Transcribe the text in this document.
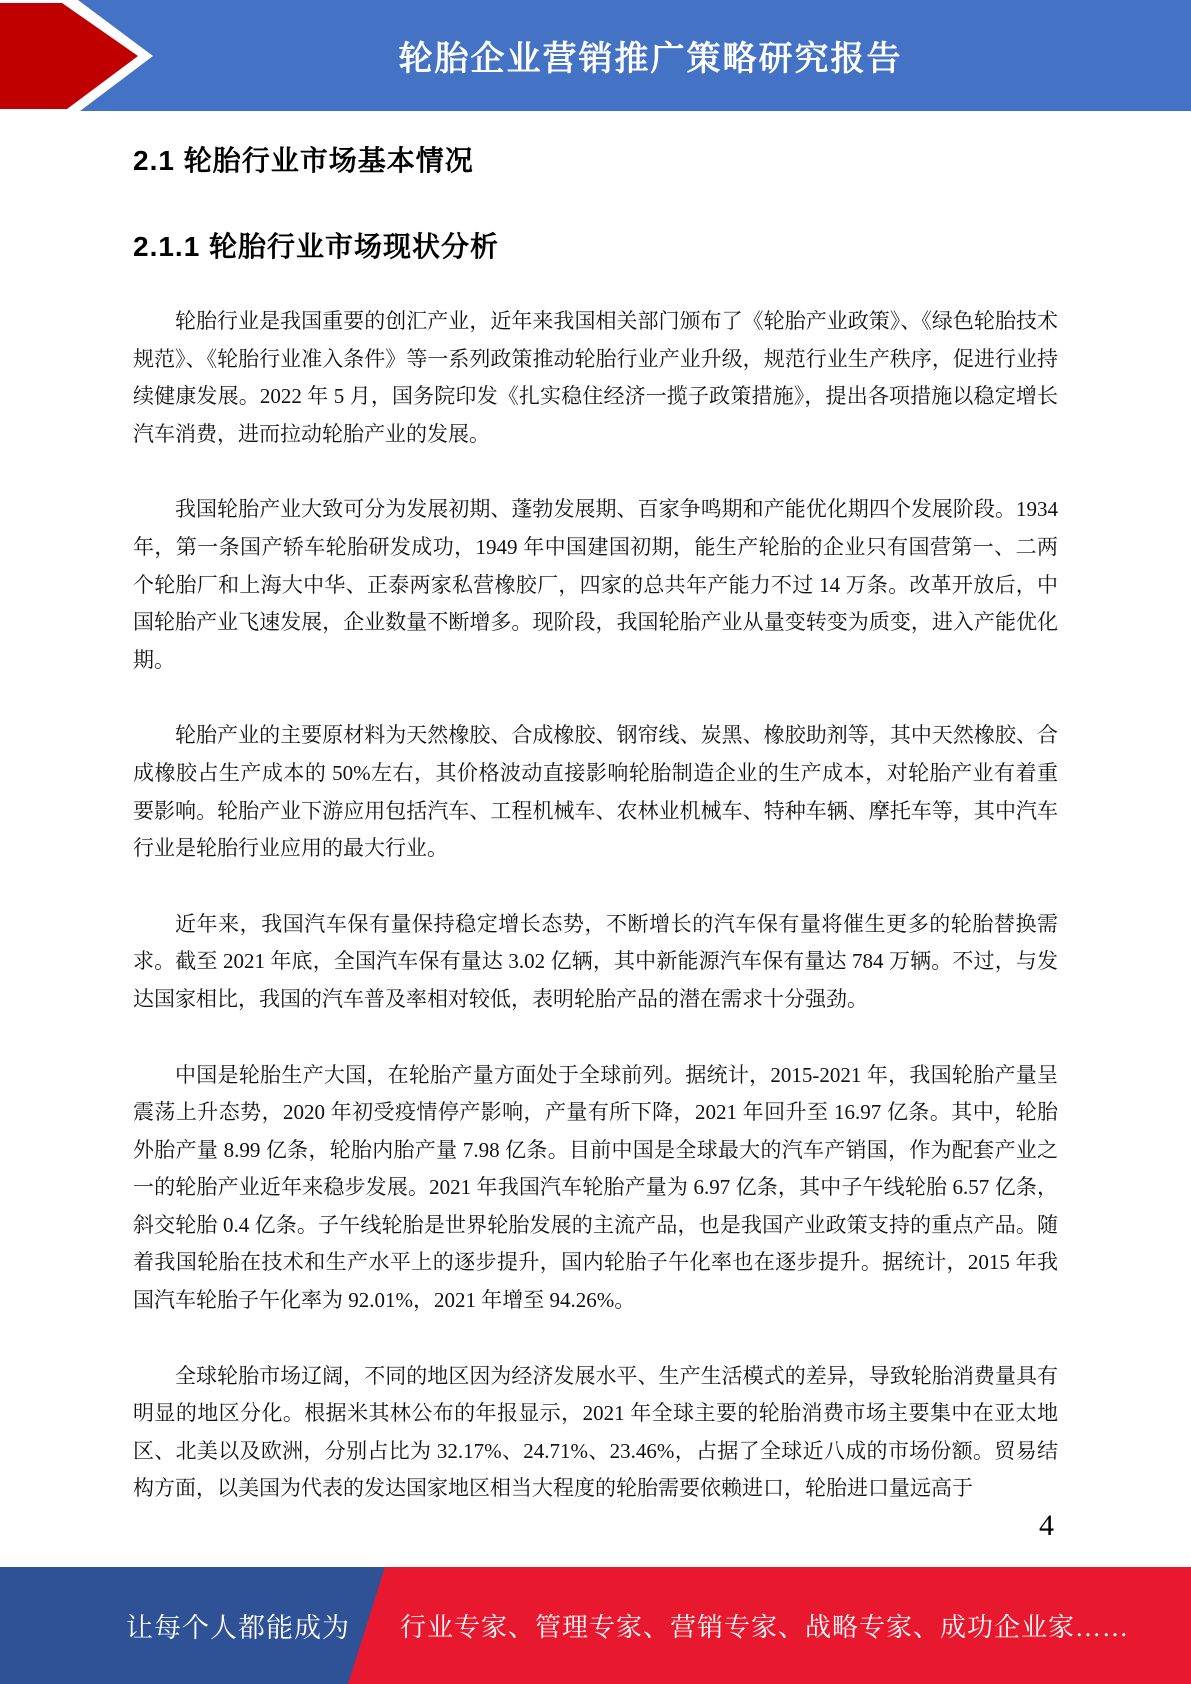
轮胎企业营销推广策略研究报告
2.1 轮胎行业市场基本情况
2.1.1 轮胎行业市场现状分析

轮胎行业是我国重要的创汇产业，近年来我国相关部门颁布了《轮胎产业政策》、《绿色轮胎技术规范》、《轮胎行业准入条件》等一系列政策推动轮胎行业产业升级，规范行业生产秩序，促进行业持续健康发展。2022 年 5 月，国务院印发《扎实稳住经济一揽子政策措施》，提出各项措施以稳定增长汽车消费，进而拉动轮胎产业的发展。

我国轮胎产业大致可分为发展初期、蓬勃发展期、百家争鸣期和产能优化期四个发展阶段。1934 年，第一条国产轿车轮胎研发成功，1949 年中国建国初期，能生产轮胎的企业只有国营第一、二两个轮胎厂和上海大中华、正泰两家私营橡胶厂，四家的总共年产能力不过 14 万条。改革开放后，中国轮胎产业飞速发展，企业数量不断增多。现阶段，我国轮胎产业从量变转变为质变，进入产能优化期。

轮胎产业的主要原材料为天然橡胶、合成橡胶、钢帘线、炭黑、橡胶助剂等，其中天然橡胶、合成橡胶占生产成本的 50%左右，其价格波动直接影响轮胎制造企业的生产成本，对轮胎产业有着重要影响。轮胎产业下游应用包括汽车、工程机械车、农林业机械车、特种车辆、摩托车等，其中汽车行业是轮胎行业应用的最大行业。

近年来，我国汽车保有量保持稳定增长态势，不断增长的汽车保有量将催生更多的轮胎替换需求。截至 2021 年底，全国汽车保有量达 3.02 亿辆，其中新能源汽车保有量达 784 万辆。不过，与发达国家相比，我国的汽车普及率相对较低，表明轮胎产品的潜在需求十分强劲。

中国是轮胎生产大国，在轮胎产量方面处于全球前列。据统计，2015-2021 年，我国轮胎产量呈震荡上升态势，2020 年初受疫情停产影响，产量有所下降，2021 年回升至 16.97 亿条。其中，轮胎外胎产量 8.99 亿条，轮胎内胎产量 7.98 亿条。目前中国是全球最大的汽车产销国，作为配套产业之一的轮胎产业近年来稳步发展。2021 年我国汽车轮胎产量为 6.97 亿条，其中子午线轮胎 6.57 亿条，斜交轮胎 0.4 亿条。子午线轮胎是世界轮胎发展的主流产品，也是我国产业政策支持的重点产品。随着我国轮胎在技术和生产水平上的逐步提升，国内轮胎子午化率也在逐步提升。据统计，2015 年我国汽车轮胎子午化率为 92.01%，2021 年增至 94.26%。

全球轮胎市场辽阔，不同的地区因为经济发展水平、生产生活模式的差异，导致轮胎消费量具有明显的地区分化。根据米其林公布的年报显示，2021 年全球主要的轮胎消费市场主要集中在亚太地区、北美以及欧洲，分别占比为 32.17%、24.71%、23.46%，占据了全球近八成的市场份额。贸易结构方面，以美国为代表的发达国家地区相当大程度的轮胎需要依赖进口，轮胎进口量远高于

4
让每个人都能成为 行业专家、管理专家、营销专家、战略专家、成功企业家……
